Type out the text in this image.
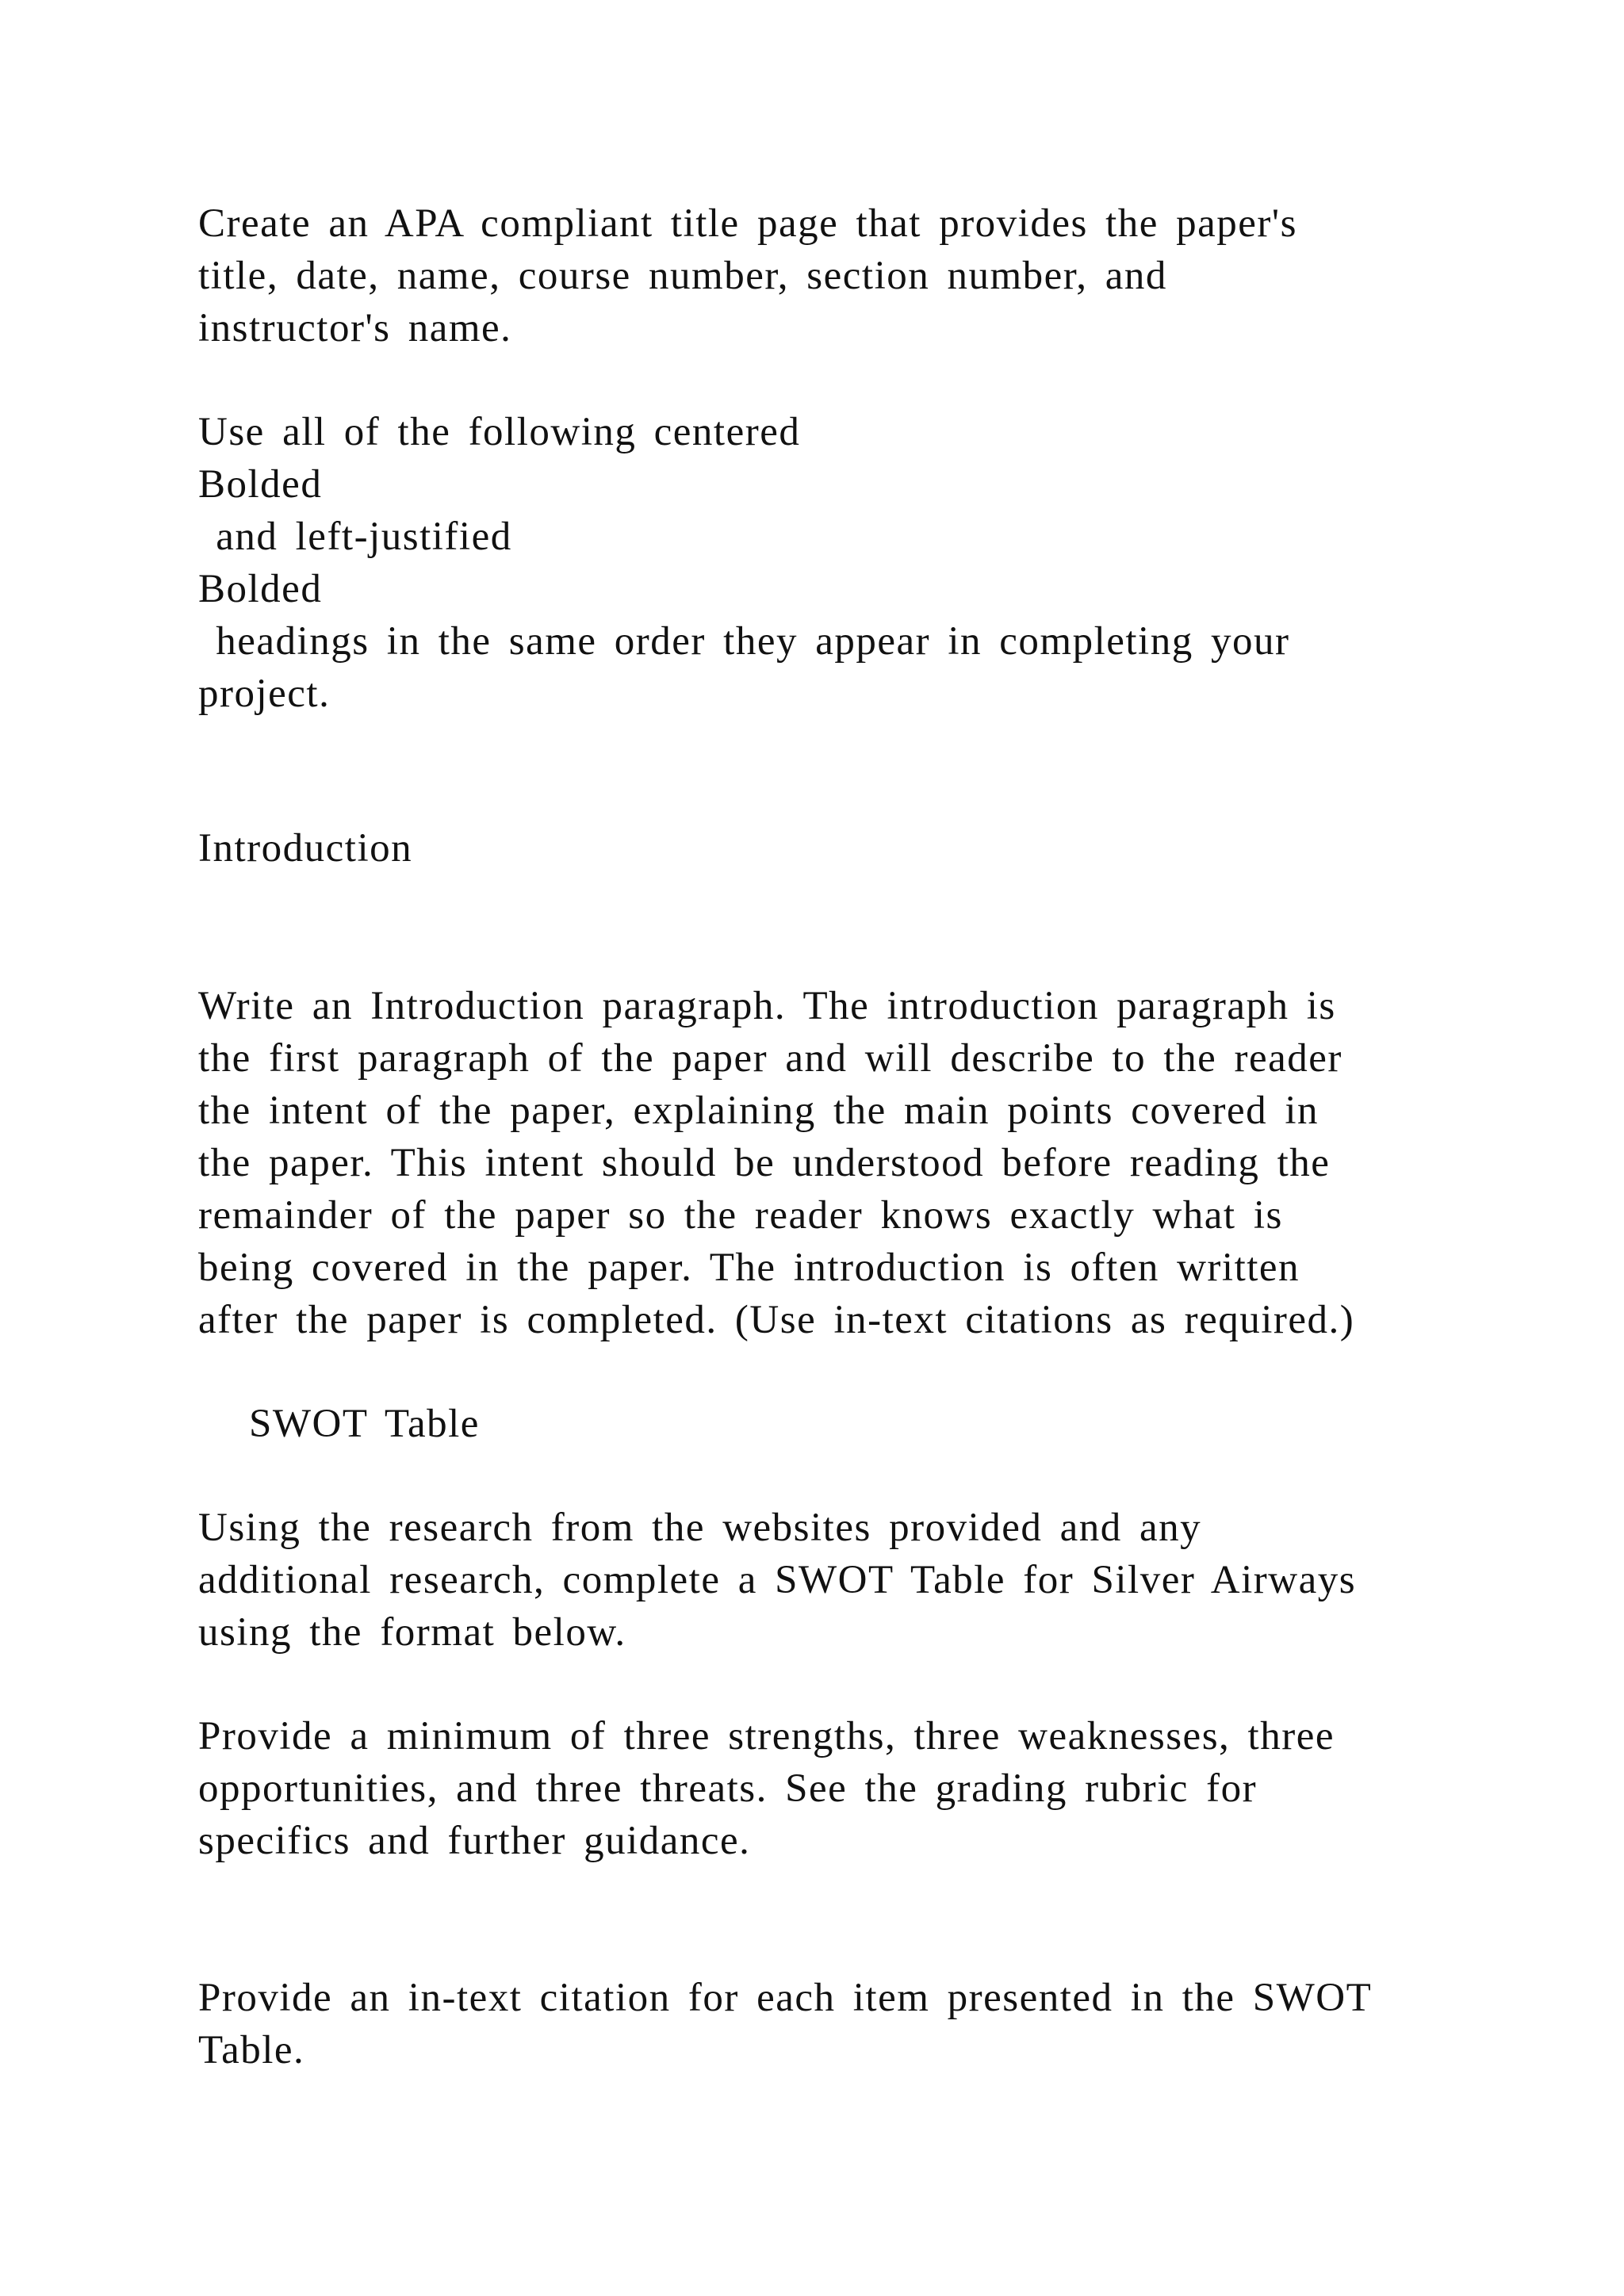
Create an APA compliant title page that provides the paper's
title, date, name, course number, section number, and
instructor's name.
Use all of the following centered
Bolded
and left-justified
Bolded
headings in the same order they appear in completing your
project.
Introduction
Write an Introduction paragraph. The introduction paragraph is
the first paragraph of the paper and will describe to the reader
the intent of the paper, explaining the main points covered in
the paper. This intent should be understood before reading the
remainder of the paper so the reader knows exactly what is
being covered in the paper. The introduction is often written
after the paper is completed. (Use in-text citations as required.)
SWOT Table
Using the research from the websites provided and any
additional research, complete a SWOT Table for Silver Airways
using the format below.
Provide a minimum of three strengths, three weaknesses, three
opportunities, and three threats. See the grading rubric for
specifics and further guidance.
Provide an in-text citation for each item presented in the SWOT
Table.
